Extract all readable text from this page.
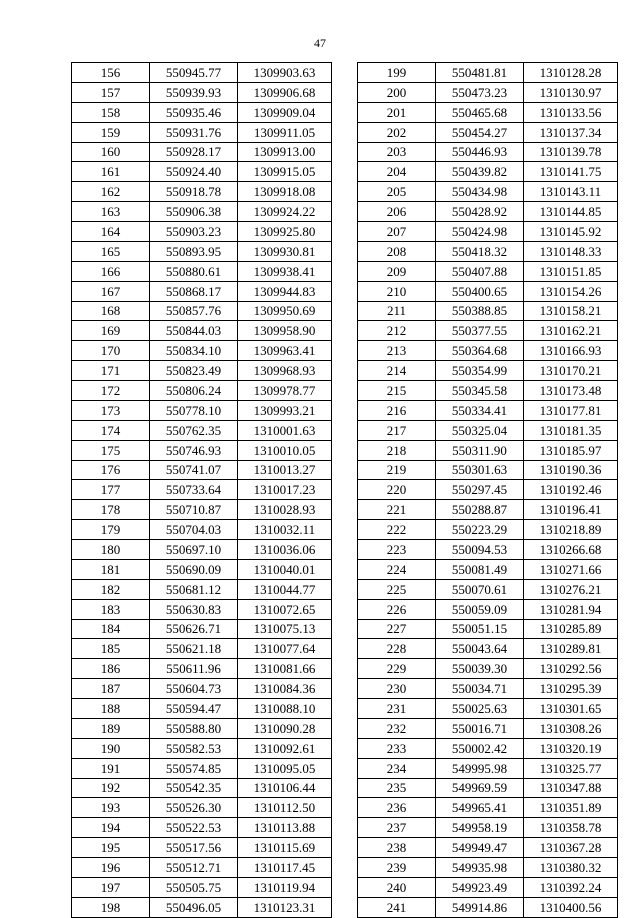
47
156	550945.77	1309903.63
157	550939.93	1309906.68
158	550935.46	1309909.04
159	550931.76	1309911.05
160	550928.17	1309913.00
161	550924.40	1309915.05
162	550918.78	1309918.08
163	550906.38	1309924.22
164	550903.23	1309925.80
165	550893.95	1309930.81
166	550880.61	1309938.41
167	550868.17	1309944.83
168	550857.76	1309950.69
169	550844.03	1309958.90
170	550834.10	1309963.41
171	550823.49	1309968.93
172	550806.24	1309978.77
173	550778.10	1309993.21
174	550762.35	1310001.63
175	550746.93	1310010.05
176	550741.07	1310013.27
177	550733.64	1310017.23
178	550710.87	1310028.93
179	550704.03	1310032.11
180	550697.10	1310036.06
181	550690.09	1310040.01
182	550681.12	1310044.77
183	550630.83	1310072.65
184	550626.71	1310075.13
185	550621.18	1310077.64
186	550611.96	1310081.66
187	550604.73	1310084.36
188	550594.47	1310088.10
189	550588.80	1310090.28
190	550582.53	1310092.61
191	550574.85	1310095.05
192	550542.35	1310106.44
193	550526.30	1310112.50
194	550522.53	1310113.88
195	550517.56	1310115.69
196	550512.71	1310117.45
197	550505.75	1310119.94
198	550496.05	1310123.31
199	550481.81	1310128.28
200	550473.23	1310130.97
201	550465.68	1310133.56
202	550454.27	1310137.34
203	550446.93	1310139.78
204	550439.82	1310141.75
205	550434.98	1310143.11
206	550428.92	1310144.85
207	550424.98	1310145.92
208	550418.32	1310148.33
209	550407.88	1310151.85
210	550400.65	1310154.26
211	550388.85	1310158.21
212	550377.55	1310162.21
213	550364.68	1310166.93
214	550354.99	1310170.21
215	550345.58	1310173.48
216	550334.41	1310177.81
217	550325.04	1310181.35
218	550311.90	1310185.97
219	550301.63	1310190.36
220	550297.45	1310192.46
221	550288.87	1310196.41
222	550223.29	1310218.89
223	550094.53	1310266.68
224	550081.49	1310271.66
225	550070.61	1310276.21
226	550059.09	1310281.94
227	550051.15	1310285.89
228	550043.64	1310289.81
229	550039.30	1310292.56
230	550034.71	1310295.39
231	550025.63	1310301.65
232	550016.71	1310308.26
233	550002.42	1310320.19
234	549995.98	1310325.77
235	549969.59	1310347.88
236	549965.41	1310351.89
237	549958.19	1310358.78
238	549949.47	1310367.28
239	549935.98	1310380.32
240	549923.49	1310392.24
241	549914.86	1310400.56
